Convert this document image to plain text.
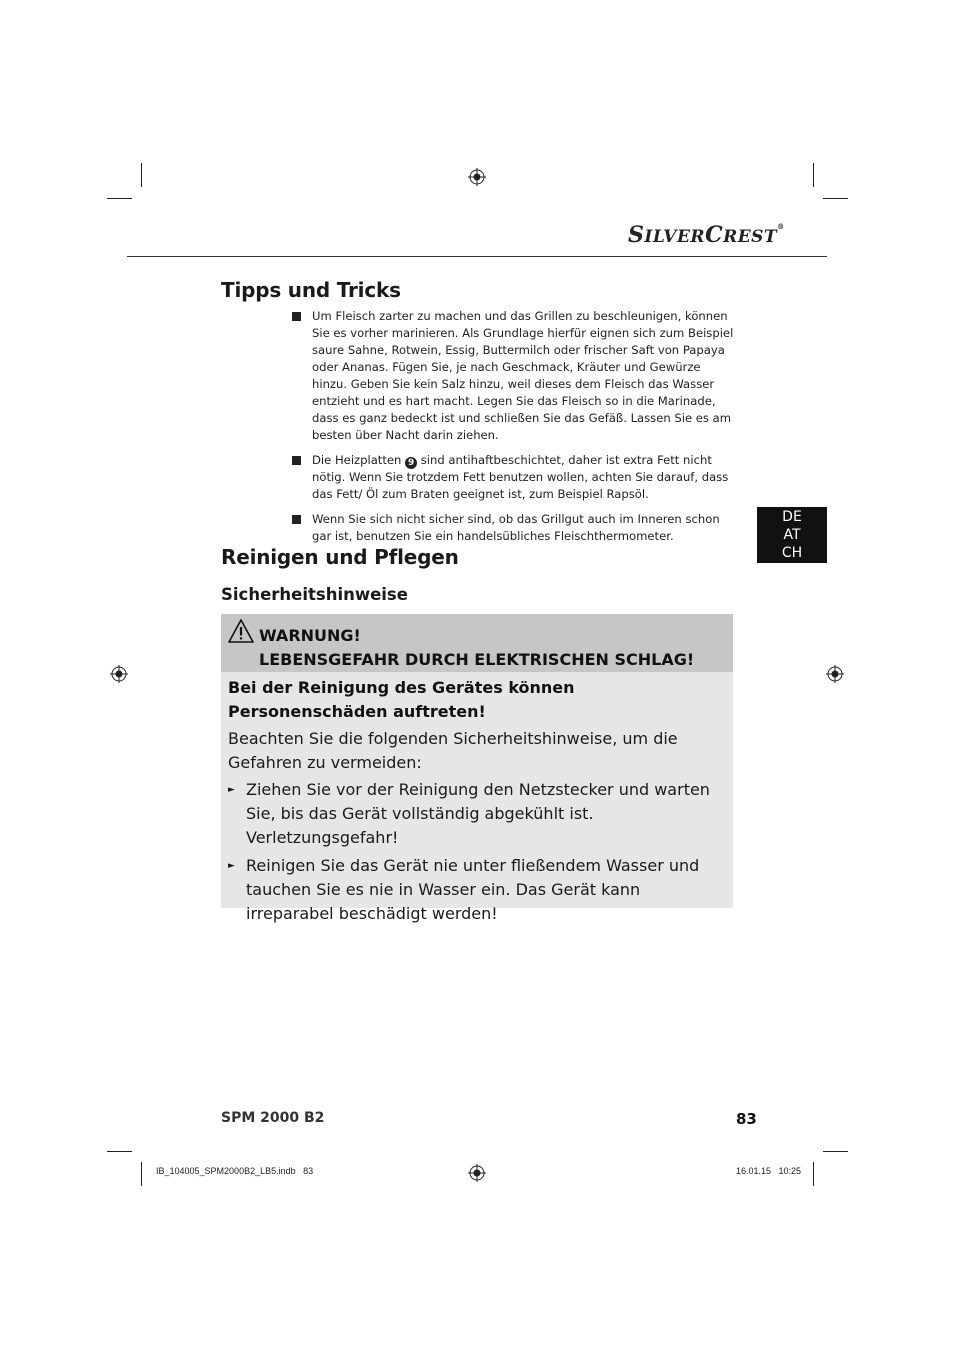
SILVERCREST®
Tipps und Tricks
Um Fleisch zarter zu machen und das Grillen zu beschleunigen, können Sie es vorher marinieren. Als Grundlage hierfür eignen sich zum Beispiel saure Sahne, Rotwein, Essig, Buttermilch oder frischer Saft von Papaya oder Ananas. Fügen Sie, je nach Geschmack, Kräuter und Gewürze hinzu. Geben Sie kein Salz hinzu, weil dieses dem Fleisch das Wasser entzieht und es hart macht. Legen Sie das Fleisch so in die Marinade, dass es ganz bedeckt ist und schließen Sie das Gefäß. Lassen Sie es am besten über Nacht darin ziehen.
Die Heizplatten 9 sind antihaftbeschichtet, daher ist extra Fett nicht nötig. Wenn Sie trotzdem Fett benutzen wollen, achten Sie darauf, dass das Fett/ Öl zum Braten geeignet ist, zum Beispiel Rapsöl.
Wenn Sie sich nicht sicher sind, ob das Grillgut auch im Inneren schon gar ist, benutzen Sie ein handelsübliches Fleischthermometer.
DE
AT
CH
Reinigen und Pflegen
Sicherheitshinweise
WARNUNG!
LEBENSGEFAHR DURCH ELEKTRISCHEN SCHLAG!
Bei der Reinigung des Gerätes können Personenschäden auftreten!
Beachten Sie die folgenden Sicherheitshinweise, um die Gefahren zu vermeiden:
► Ziehen Sie vor der Reinigung den Netzstecker und warten Sie, bis das Gerät vollständig abgekühlt ist. Verletzungsgefahr!
► Reinigen Sie das Gerät nie unter fließendem Wasser und tauchen Sie es nie in Wasser ein. Das Gerät kann irreparabel beschädigt werden!
SPM 2000 B2	83
IB_104005_SPM2000B2_LB5.indb   83	16.01.15   10:25
